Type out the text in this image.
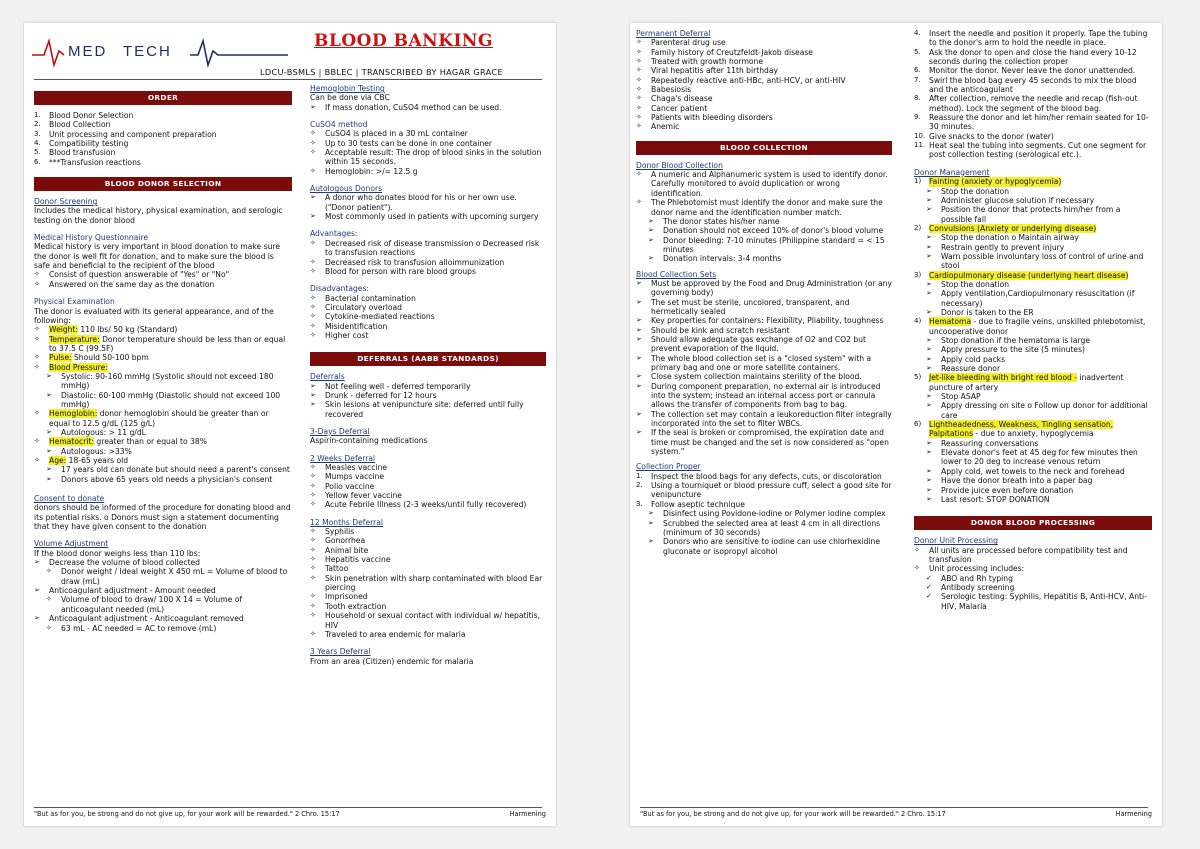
MED TECH
BLOOD BANKING
LDCU-BSMLS | BBLEC | TRANSCRIBED BY HAGAR GRACE
ORDER
1.	Blood Donor Selection
2.	Blood Collection
3.	Unit processing and component preparation
4.	Compatibility testing
5.	Blood transfusion
6.	***Transfusion reactions
BLOOD DONOR SELECTION
Donor Screening
Includes the medical history, physical examination, and serologic testing on the donor blood
Medical History Questionnaire
Medical history is very important in blood donation to make sure the donor is well fit for donation, and to make sure the blood is safe and beneficial to the recipient of the blood
✧	Consist of question answerable of "Yes" or "No"
✧	Answered on the same day as the donation
Physical Examination
The donor is evaluated with its general appearance, and of the following:
✧	Weight: 110 lbs/ 50 kg (Standard)
✧	Temperature: Donor temperature should be less than or equal to 37.5 C (99.5F)
✧	Pulse: Should 50-100 bpm
✧	Blood Pressure:
➢	Systolic: 90-160 mmHg (Systolic should not exceed 180 mmHg)
➢	Diastolic: 60-100 mmHg (Diastolic should not exceed 100 mmHg)
✧	Hemoglobin: donor hemoglobin should be greater than or equal to 12.5 g/dL (125 g/L)
➢	Autologous: > 11 g/dL
✧	Hematocrit: greater than or equal to 38%
➢	Autologous: >33%
✧	Age: 18-65 years old
➢	17 years old can donate but should need a parent's consent
➢	Donors above 65 years old needs a physician's consent
Consent to donate
donors should be informed of the procedure for donating blood and its potential risks. o Donors must sign a statement documenting that they have given consent to the donation
Volume Adjustment
If the blood donor weighs less than 110 lbs:
➢	Decrease the volume of blood collected
✧	Donor weight / Ideal weight X 450 mL = Volume of blood to draw (mL)
➢	Anticoagulant adjustment - Amount needed
✧	Volume of blood to draw/ 100 X 14 = Volume of anticoagulant needed (mL)
➢	Anticoagulant adjustment - Anticoagulant removed
✧	63 mL - AC needed = AC to remove (mL)
Hemoglobin Testing
Can be done via CBC
➢	If mass donation, CuSO4 method can be used.
CuSO4 method
✧	CuSO4 is placed in a 30 mL container
✧	Up to 30 tests can be done in one container
✧	Acceptable result: The drop of blood sinks in the solution within 15 seconds.
✧	Hemoglobin: >/= 12.5 g
Autologous Donors
➢	A donor who donates blood for his or her own use. ("Donor patient").
➢	Most commonly used in patients with upcoming surgery
Advantages:
✧	Decreased risk of disease transmission o Decreased risk to transfusion reactions
✧	Decreased risk to transfusion alloimmunization
✧	Blood for person with rare blood groups
Disadvantages:
✧	Bacterial contamination
✧	Circulatory overload
✧	Cytokine-mediated reactions
✧	Misidentification
✧	Higher cost
DEFERRALS (AABB STANDARDS)
Deferrals
➢	Not feeling well - deferred temporarily
➢	Drunk - deferred for 12 hours
➢	Skin lesions at venipuncture site: deferred until fully recovered
3-Days Deferral
Aspirin-containing medications
2 Weeks Deferral
✧	Measles vaccine
✧	Mumps vaccine
✧	Polio vaccine
✧	Yellow fever vaccine
✧	Acute Febrile Illness (2-3 weeks/until fully recovered)
12 Months Deferral
✧	Syphilis
✧	Gonorrhea
✧	Animal bite
✧	Hepatitis vaccine
✧	Tattoo
✧	Skin penetration with sharp contaminated with blood Ear piercing
✧	Imprisoned
✧	Tooth extraction
✧	Household or sexual contact with individual w/ hepatitis, HIV
✧	Traveled to area endemic for malaria
3 Years Deferral
From an area (Citizen) endemic for malaria
"But as for you, be strong and do not give up, for your work will be rewarded." 2 Chro. 15:17	Harmening
Permanent Deferral
✧	Parenteral drug use
✧	Family history of Creutzfeldt-Jakob disease
✧	Treated with growth hormone
✧	Viral hepatitis after 11th birthday
✧	Repeatedly reactive anti-HBc, anti-HCV, or anti-HIV
✧	Babesiosis
✧	Chaga's disease
✧	Cancer patient
✧	Patients with bleeding disorders
✧	Anemic
BLOOD COLLECTION
Donor Blood Collection
✧	A numeric and Alphanumeric system is used to identify donor. Carefully monitored to avoid duplication or wrong identification.
✧	The Phlebotomist must identify the donor and make sure the donor name and the identification number match.
➢	The donor states his/her name
➢	Donation should not exceed 10% of donor's blood volume
➢	Donor bleeding: 7-10 minutes (Philippine standard = < 15 minutes
➢	Donation intervals: 3-4 months
Blood Collection Sets
➢	Must be approved by the Food and Drug Administration (or any governing body)
➢	The set must be sterile, uncolored, transparent, and hermetically sealed
➢	Key properties for containers: Flexibility, Pliability, toughness
➢	Should be kink and scratch resistant
➢	Should allow adequate gas exchange of O2 and CO2 but prevent evaporation of the liquid.
➢	The whole blood collection set is a "closed system" with a primary bag and one or more satellite containers.
➢	Close system collection maintains sterility of the blood.
➢	During component preparation, no external air is introduced into the system; instead an internal access port or cannula allows the transfer of components from bag to bag.
➢	The collection set may contain a leukoreduction filter integrally incorporated into the set to filter WBCs.
➢	If the seal is broken or compromised, the expiration date and time must be changed and the set is now considered as "open system."
Collection Proper
1.	Inspect the blood bags for any defects, cuts, or discoloration
2.	Using a tourniquet or blood pressure cuff, select a good site for venipuncture
3.	Follow aseptic technique
➢	Disinfect using Povidone-iodine or Polymer iodine complex
➢	Scrubbed the selected area at least 4 cm in all directions (minimum of 30 seconds)
➢	Donors who are sensitive to iodine can use chlorhexidine gluconate or isopropyl alcohol
4.	Insert the needle and position it properly. Tape the tubing to the donor's arm to hold the needle in place.
5.	Ask the donor to open and close the hand every 10-12 seconds during the collection proper
6.	Monitor the donor. Never leave the donor unattended.
7.	Swirl the blood bag every 45 seconds to mix the blood and the anticoagulant
8.	After collection, remove the needle and recap (fish-out method). Lock the segment of the blood bag.
9.	Reassure the donor and let him/her remain seated for 10-30 minutes.
10. Give snacks to the donor (water)
11. Heat seal the tubing into segments. Cut one segment for post collection testing (serological etc.).
Donor Management
1)	Fainting (anxiety or hypoglycemia)
➢	Stop the donation
➢	Administer glucose solution if necessary
➢	Position the donor that protects him/her from a possible fall
2)	Convulsions (Anxiety or underlying disease)
➢	Stop the donation o Maintain airway
➢	Restrain gently to prevent injury
➢	Warn possible involuntary loss of control of urine and stool
3)	Cardiopulmonary disease (underlying heart disease)
➢	Stop the donation
➢	Apply ventilation,Cardiopulmonary resuscitation (if necessary)
➢	Donor is taken to the ER
4)	Hematoma - due to fragile veins, unskilled phlebotomist, uncooperative donor
➢	Stop donation if the hematoma is large
➢	Apply pressure to the site (5 minutes)
➢	Apply cold packs
➢	Reassure donor
5)	Jet-like bleeding with bright red blood - inadvertent puncture of artery
➢	Stop ASAP
➢	Apply dressing on site o Follow up donor for additional care
6)	Lightheadedness, Weakness, Tingling sensation, Palpitations - due to anxiety, hypoglycemia
➢	Reassuring conversations
➢	Elevate donor's feet at 45 deg for few minutes then lower to 20 deg to increase venous return
➢	Apply cold, wet towels to the neck and forehead
➢	Have the donor breath into a paper bag
➢	Provide juice even before donation
➢	Last resort: STOP DONATION
DONOR BLOOD PROCESSING
Donor Unit Processing
✧	All units are processed before compatibility test and transfusion
✧	Unit processing includes:
✓	ABO and Rh typing
✓	Antibody screening
✓	Serologic testing: Syphilis, Hepatitis B, Anti-HCV, Anti-HIV, Malaria
"But as for you, be strong and do not give up, for your work will be rewarded." 2 Chro. 15:17	Harmening
